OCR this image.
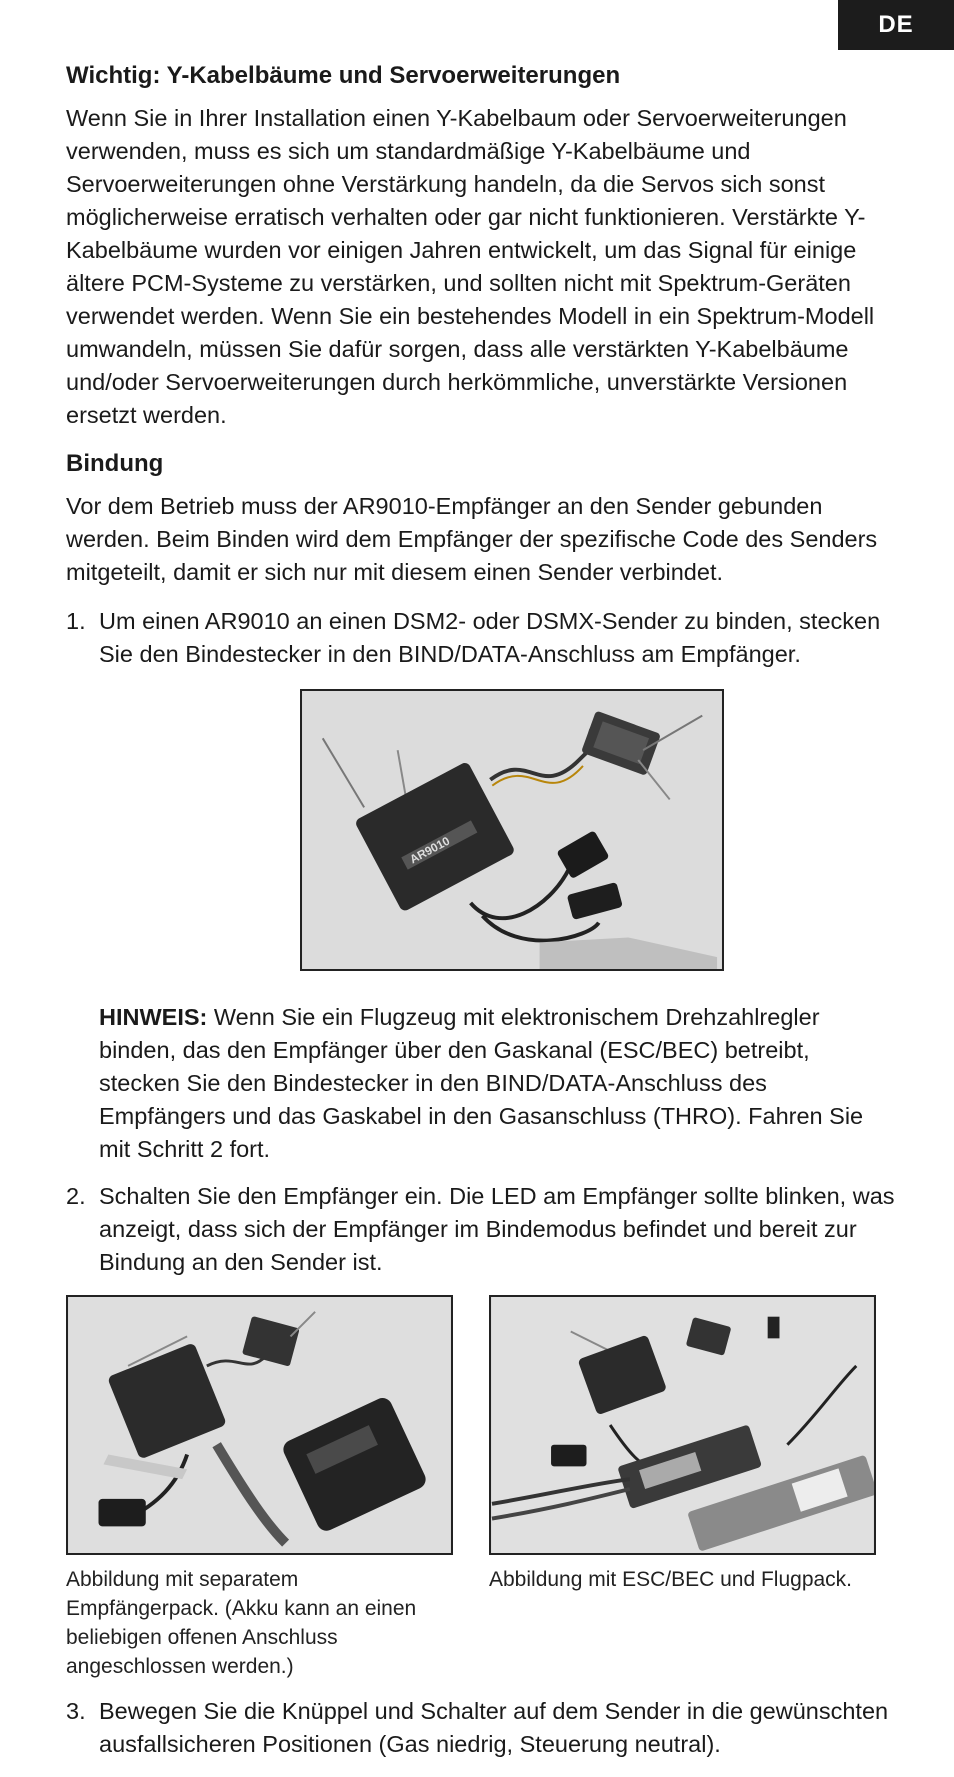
DE
Wichtig: Y-Kabelbäume und Servoerweiterungen

Wenn Sie in Ihrer Installation einen Y-Kabelbaum oder Servoerweiterungen verwenden, muss es sich um standardmäßige Y-Kabelbäume und Servoerweiterungen ohne Verstärkung handeln, da die Servos sich sonst möglicherweise erratisch verhalten oder gar nicht funktionieren. Verstärkte Y-Kabelbäume wurden vor einigen Jahren entwickelt, um das Signal für einige ältere PCM-Systeme zu verstärken, und sollten nicht mit Spektrum-Geräten verwendet werden. Wenn Sie ein bestehendes Modell in ein Spektrum-Modell umwandeln, müssen Sie dafür sorgen, dass alle verstärkten Y-Kabelbäume und/oder Servoerweiterungen durch herkömmliche, unverstärkte Versionen ersetzt werden.

Bindung

Vor dem Betrieb muss der AR9010-Empfänger an den Sender gebunden werden. Beim Binden wird dem Empfänger der spezifische Code des Senders mitgeteilt, damit er sich nur mit diesem einen Sender verbindet.

1. Um einen AR9010 an einen DSM2- oder DSMX-Sender zu binden, stecken Sie den Bindestecker in den BIND/DATA-Anschluss am Empfänger.
AR9010
HINWEIS: Wenn Sie ein Flugzeug mit elektronischem Drehzahlregler binden, das den Empfänger über den Gaskanal (ESC/BEC) betreibt, stecken Sie den Bindestecker in den BIND/DATA-Anschluss des Empfängers und das Gaskabel in den Gasanschluss (THRO). Fahren Sie mit Schritt 2 fort.
2. Schalten Sie den Empfänger ein. Die LED am Empfänger sollte blinken, was anzeigt, dass sich der Empfänger im Bindemodus befindet und bereit zur Bindung an den Sender ist.
Abbildung mit separatem Empfängerpack. (Akku kann an einen beliebigen offenen Anschluss angeschlossen werden.)
Abbildung mit ESC/BEC und Flugpack.
3. Bewegen Sie die Knüppel und Schalter auf dem Sender in die gewünschten ausfallsicheren Positionen (Gas niedrig, Steuerung neutral).
